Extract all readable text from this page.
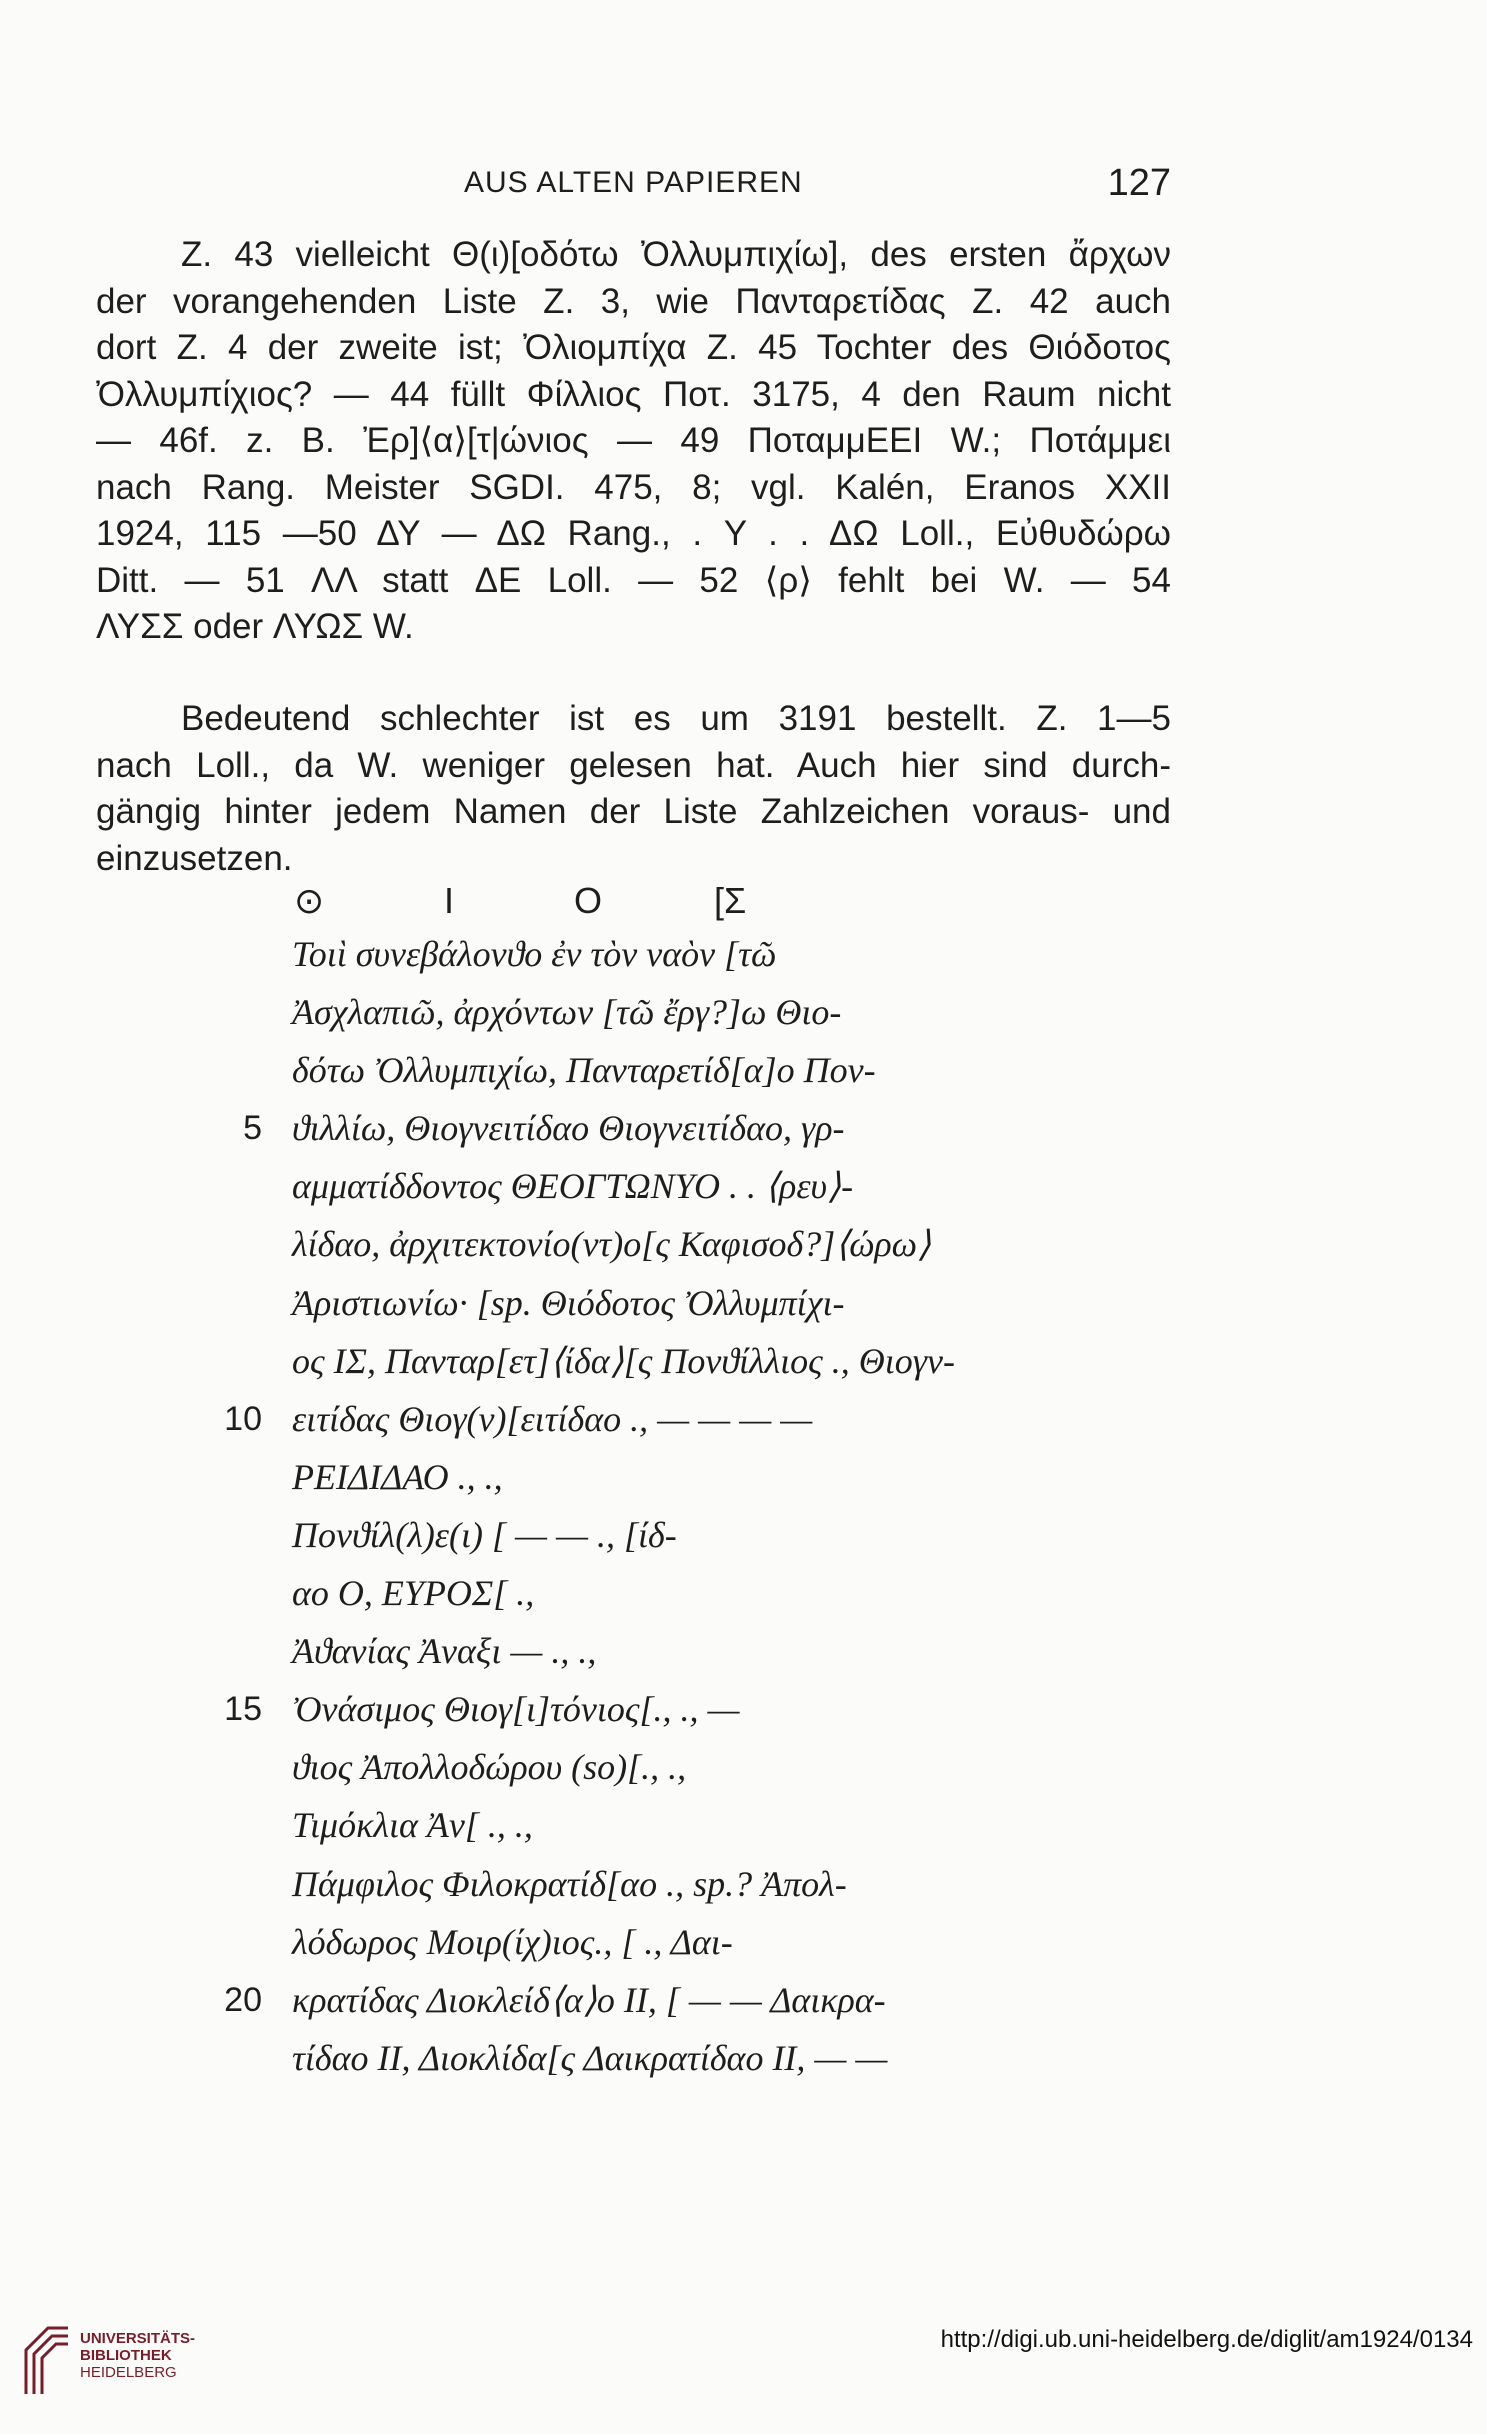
AUS ALTEN PAPIEREN	127
Z. 43 vielleicht Θ(ι)[οδότω Ὀλλυμπιχίω], des ersten ἄρχων
der vorangehenden Liste Z. 3, wie Πανταρετίδας Z. 42 auch
dort Z. 4 der zweite ist; Ὀλιομπίχα Z. 45 Tochter des Θιόδοτος
Ὀλλυμπίχιος? — 44 füllt Φίλλιος Ποτ. 3175, 4 den Raum nicht
— 46f. z. B. Ἐρ]⟨α⟩[τ|ώνιος — 49 ΠοταμμΕΕΙ W.; Ποτάμμει
nach Rang. Meister SGDI. 475, 8; vgl. Kalén, Eranos XXII
1924, 115 —50 ΔΥ — ΔΩ Rang., . Υ . . ΔΩ Loll., Εὐθυδώρω
Ditt. — 51 ΛΛ statt ΔΕ Loll. — 52 ⟨ρ⟩ fehlt bei W. — 54
ΛΥΣΣ oder ΛΥΩΣ W.
Bedeutend schlechter ist es um 3191 bestellt. Z. 1—5
nach Loll., da W. weniger gelesen hat. Auch hier sind durch-
gängig hinter jedem Namen der Liste Zahlzeichen voraus- und
einzusetzen.
⊙	Ι	Ο	[Σ
Τοιὶ συνεβάλονϑο ἐν τὸν ναὸν [τῶ
Ἀσχλαπιῶ, ἀρχόντων [τῶ ἔργ?]ω Θιο-
δότω Ὀλλυμπιχίω, Πανταρετίδ[α]ο Πον-
5 ϑιλλίω, Θιογνειτίδαο Θιογνειτίδαο, γρ-
αμματίδδοντος ΘΕΟΓΤΩΝΥΟ . . ⟨ρευ⟩-
λίδαο, ἀρχιτεκτονίο(ντ)ο[ς Καφισοδ?]⟨ώρω⟩
Ἀριστιωνίω· [sp. Θιόδοτος Ὀλλυμπίχι-
ος ΙΣ, Πανταρ[ετ]⟨ίδα⟩[ς Πονϑίλλιος ., Θιογν-
10 ειτίδας Θιογ(ν)[ειτίδαο ., — — — —
ΡΕΙΔΙΔΑΟ ., .,
Πονϑίλ(λ)ε(ι) [ — — ., [ίδ-
αο Ο, ΕΥΡΟΣ[ .,
Ἀϑανίας Ἀναξι — ., .,
15 Ὀνάσιμος Θιογ[ι]τόνιος[., ., —
ϑιος Ἀπολλοδώρου (so)[., .,
Τιμόκλια Ἀν[ ., .,
Πάμφιλος Φιλοκρατίδ[αο ., sp.? Ἀπολ-
λόδωρος Μοιρ(ίχ)ιος., [ ., Δαι-
20 κρατίδας Διοκλείδ⟨α⟩ο ΙΙ, [ — — Δαικρα-
τίδαο ΙΙ, Διοκλίδα[ς Δαικρατίδαο ΙΙ, — —
UNIVERSITÄTS-
BIBLIOTHEK
HEIDELBERG
http://digi.ub.uni-heidelberg.de/diglit/am1924/0134
